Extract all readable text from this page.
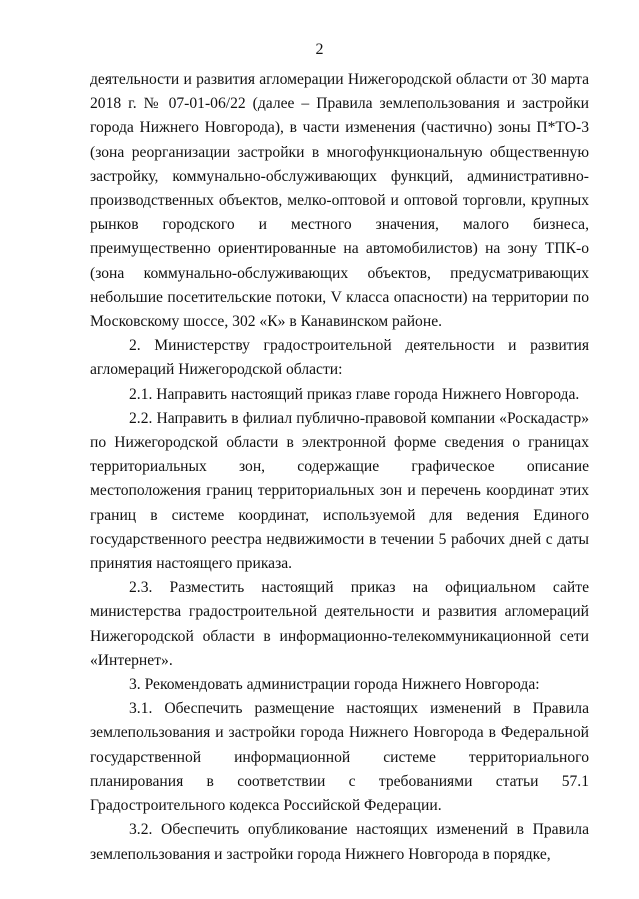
2

деятельности и развития агломерации Нижегородской области от 30 марта 2018 г. № 07-01-06/22 (далее – Правила землепользования и застройки города Нижнего Новгорода), в части изменения (частично) зоны П*ТО-3 (зона реорганизации застройки в многофункциональную общественную застройку, коммунально-обслуживающих функций, административно-производственных объектов, мелко-оптовой и оптовой торговли, крупных рынков городского и местного значения, малого бизнеса, преимущественно ориентированные на автомобилистов) на зону ТПК-о (зона коммунально-обслуживающих объектов, предусматривающих небольшие посетительские потоки, V класса опасности) на территории по Московскому шоссе, 302 «К» в Канавинском районе.

2. Министерству градостроительной деятельности и развития агломераций Нижегородской области:

2.1. Направить настоящий приказ главе города Нижнего Новгорода.

2.2. Направить в филиал публично-правовой компании «Роскадастр» по Нижегородской области в электронной форме сведения о границах территориальных зон, содержащие графическое описание местоположения границ территориальных зон и перечень координат этих границ в системе координат, используемой для ведения Единого государственного реестра недвижимости в течении 5 рабочих дней с даты принятия настоящего приказа.

2.3. Разместить настоящий приказ на официальном сайте министерства градостроительной деятельности и развития агломераций Нижегородской области в информационно-телекоммуникационной сети «Интернет».

3. Рекомендовать администрации города Нижнего Новгорода:

3.1. Обеспечить размещение настоящих изменений в Правила землепользования и застройки города Нижнего Новгорода в Федеральной государственной информационной системе территориального планирования в соответствии с требованиями статьи 57.1 Градостроительного кодекса Российской Федерации.

3.2. Обеспечить опубликование настоящих изменений в Правила землепользования и застройки города Нижнего Новгорода в порядке,
